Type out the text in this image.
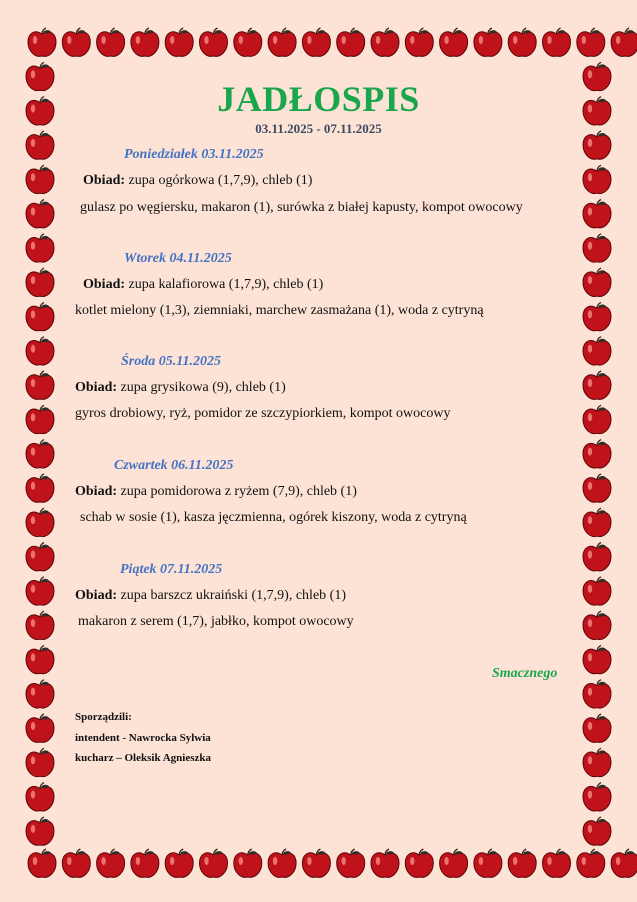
JADŁOSPIS
03.11.2025 - 07.11.2025
Poniedziałek 03.11.2025
Obiad: zupa ogórkowa (1,7,9), chleb (1)
gulasz po węgiersku, makaron (1), surówka z białej kapusty, kompot owocowy
Wtorek 04.11.2025
Obiad: zupa kalafiorowa (1,7,9), chleb (1)
kotlet mielony (1,3), ziemniaki, marchew zasmażana (1), woda z cytryną
Środa 05.11.2025
Obiad: zupa grysikowa (9), chleb (1)
gyros drobiowy, ryż, pomidor ze szczypiorkiem, kompot owocowy
Czwartek 06.11.2025
Obiad: zupa pomidorowa z ryżem (7,9), chleb (1)
schab w sosie (1), kasza jęczmienna, ogórek kiszony, woda z cytryną
Piątek 07.11.2025
Obiad: zupa barszcz ukraiński (1,7,9), chleb (1)
makaron z serem (1,7), jabłko, kompot owocowy
Smacznego
Sporządzili:
intendent - Nawrocka Sylwia
kucharz – Oleksik Agnieszka
